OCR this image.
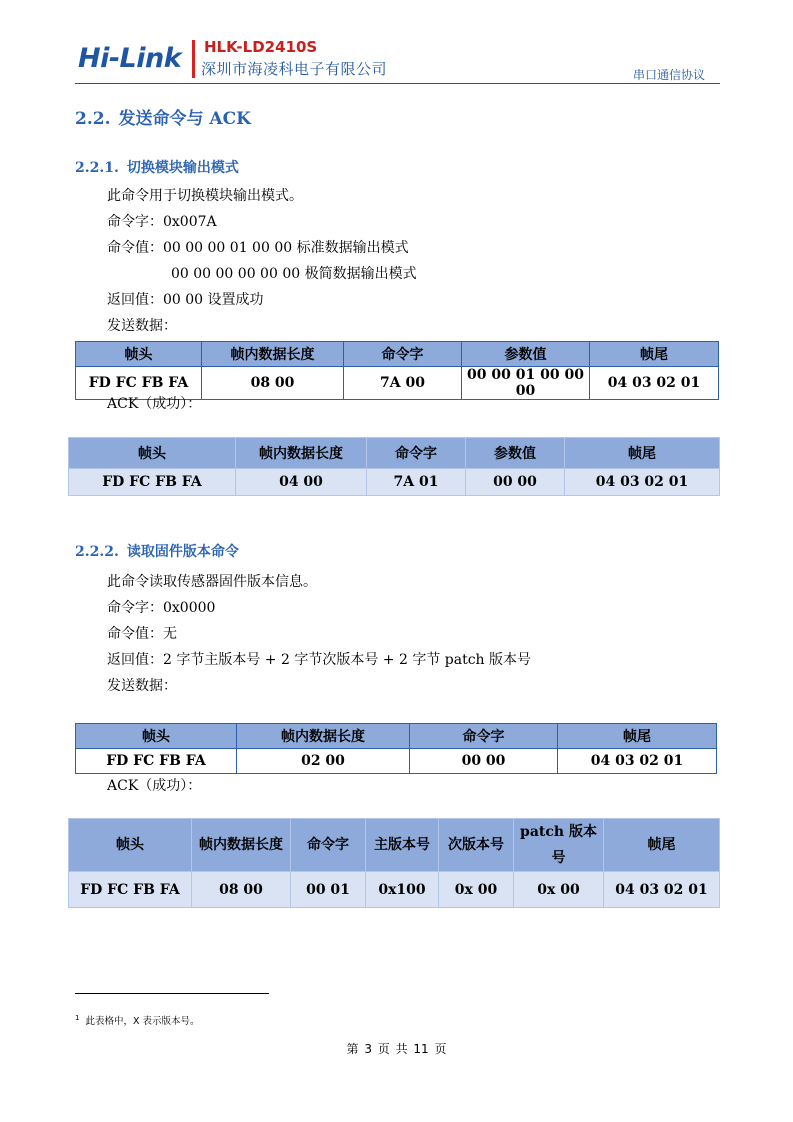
Hi-Link HLK-LD2410S
深圳市海凌科电子有限公司	串口通信协议
2.2. 发送命令与 ACK
2.2.1. 切换模块输出模式
此命令用于切换模块输出模式。
命令字：0x007A
命令值：00 00 00 01 00 00 标准数据输出模式
00 00 00 00 00 00 极简数据输出模式
返回值：00 00 设置成功
发送数据：
帧头	帧内数据长度	命令字	参数值	帧尾
FD FC FB FA	08 00	7A 00	00 00 01 00 00 00	04 03 02 01
ACK（成功）：
帧头	帧内数据长度	命令字	参数值	帧尾
FD FC FB FA	04 00	7A 01	00 00	04 03 02 01
2.2.2. 读取固件版本命令
此命令读取传感器固件版本信息。
命令字：0x0000
命令值：无
返回值：2 字节主版本号 + 2 字节次版本号 + 2 字节 patch 版本号
发送数据：
帧头	帧内数据长度	命令字	帧尾
FD FC FB FA	02 00	00 00	04 03 02 01
ACK（成功）：
帧头	帧内数据长度	命令字	主版本号	次版本号	patch 版本号	帧尾
FD FC FB FA	08 00	00 01	0x100	0x 00	0x 00	04 03 02 01
$^1$ 此表格中，X 表示版本号。
第 3 页 共 11 页
